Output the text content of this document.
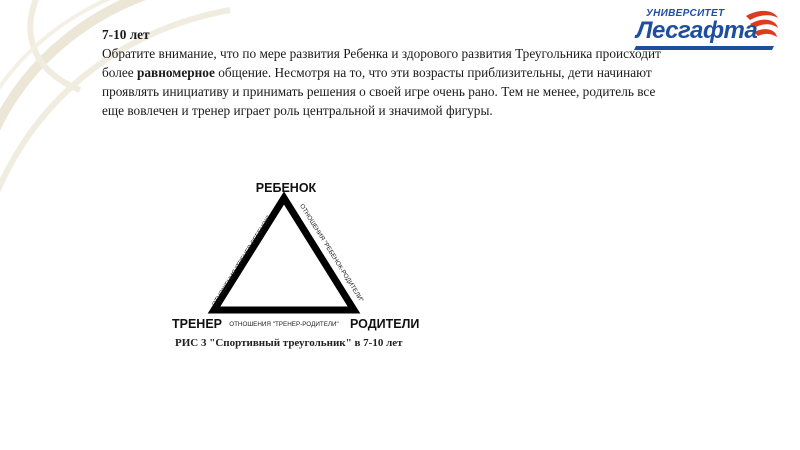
УНИВЕРСИТЕТ
Лесгафта
7-10 лет
Обратите внимание, что по мере развития Ребенка и здорового развития Треугольника происходит более равномерное общение. Несмотря на то, что эти возрасты приблизительны, дети начинают проявлять инициативу и принимать решения о своей игре очень рано. Тем не менее, родитель все еще вовлечен и тренер играет роль центральной и значимой фигуры.
РЕБЕНОК
ТРЕНЕР	РОДИТЕЛИ
ОТНОШЕНИЯ "ТРЕНЕР-РЕБЕНОК"	ОТНОШЕНИЯ "РЕБЕНОК-РОДИТЕЛИ"
ОТНОШЕНИЯ "ТРЕНЕР-РОДИТЕЛИ"
РИС 3 "Спортивный треугольник" в 7-10 лет
